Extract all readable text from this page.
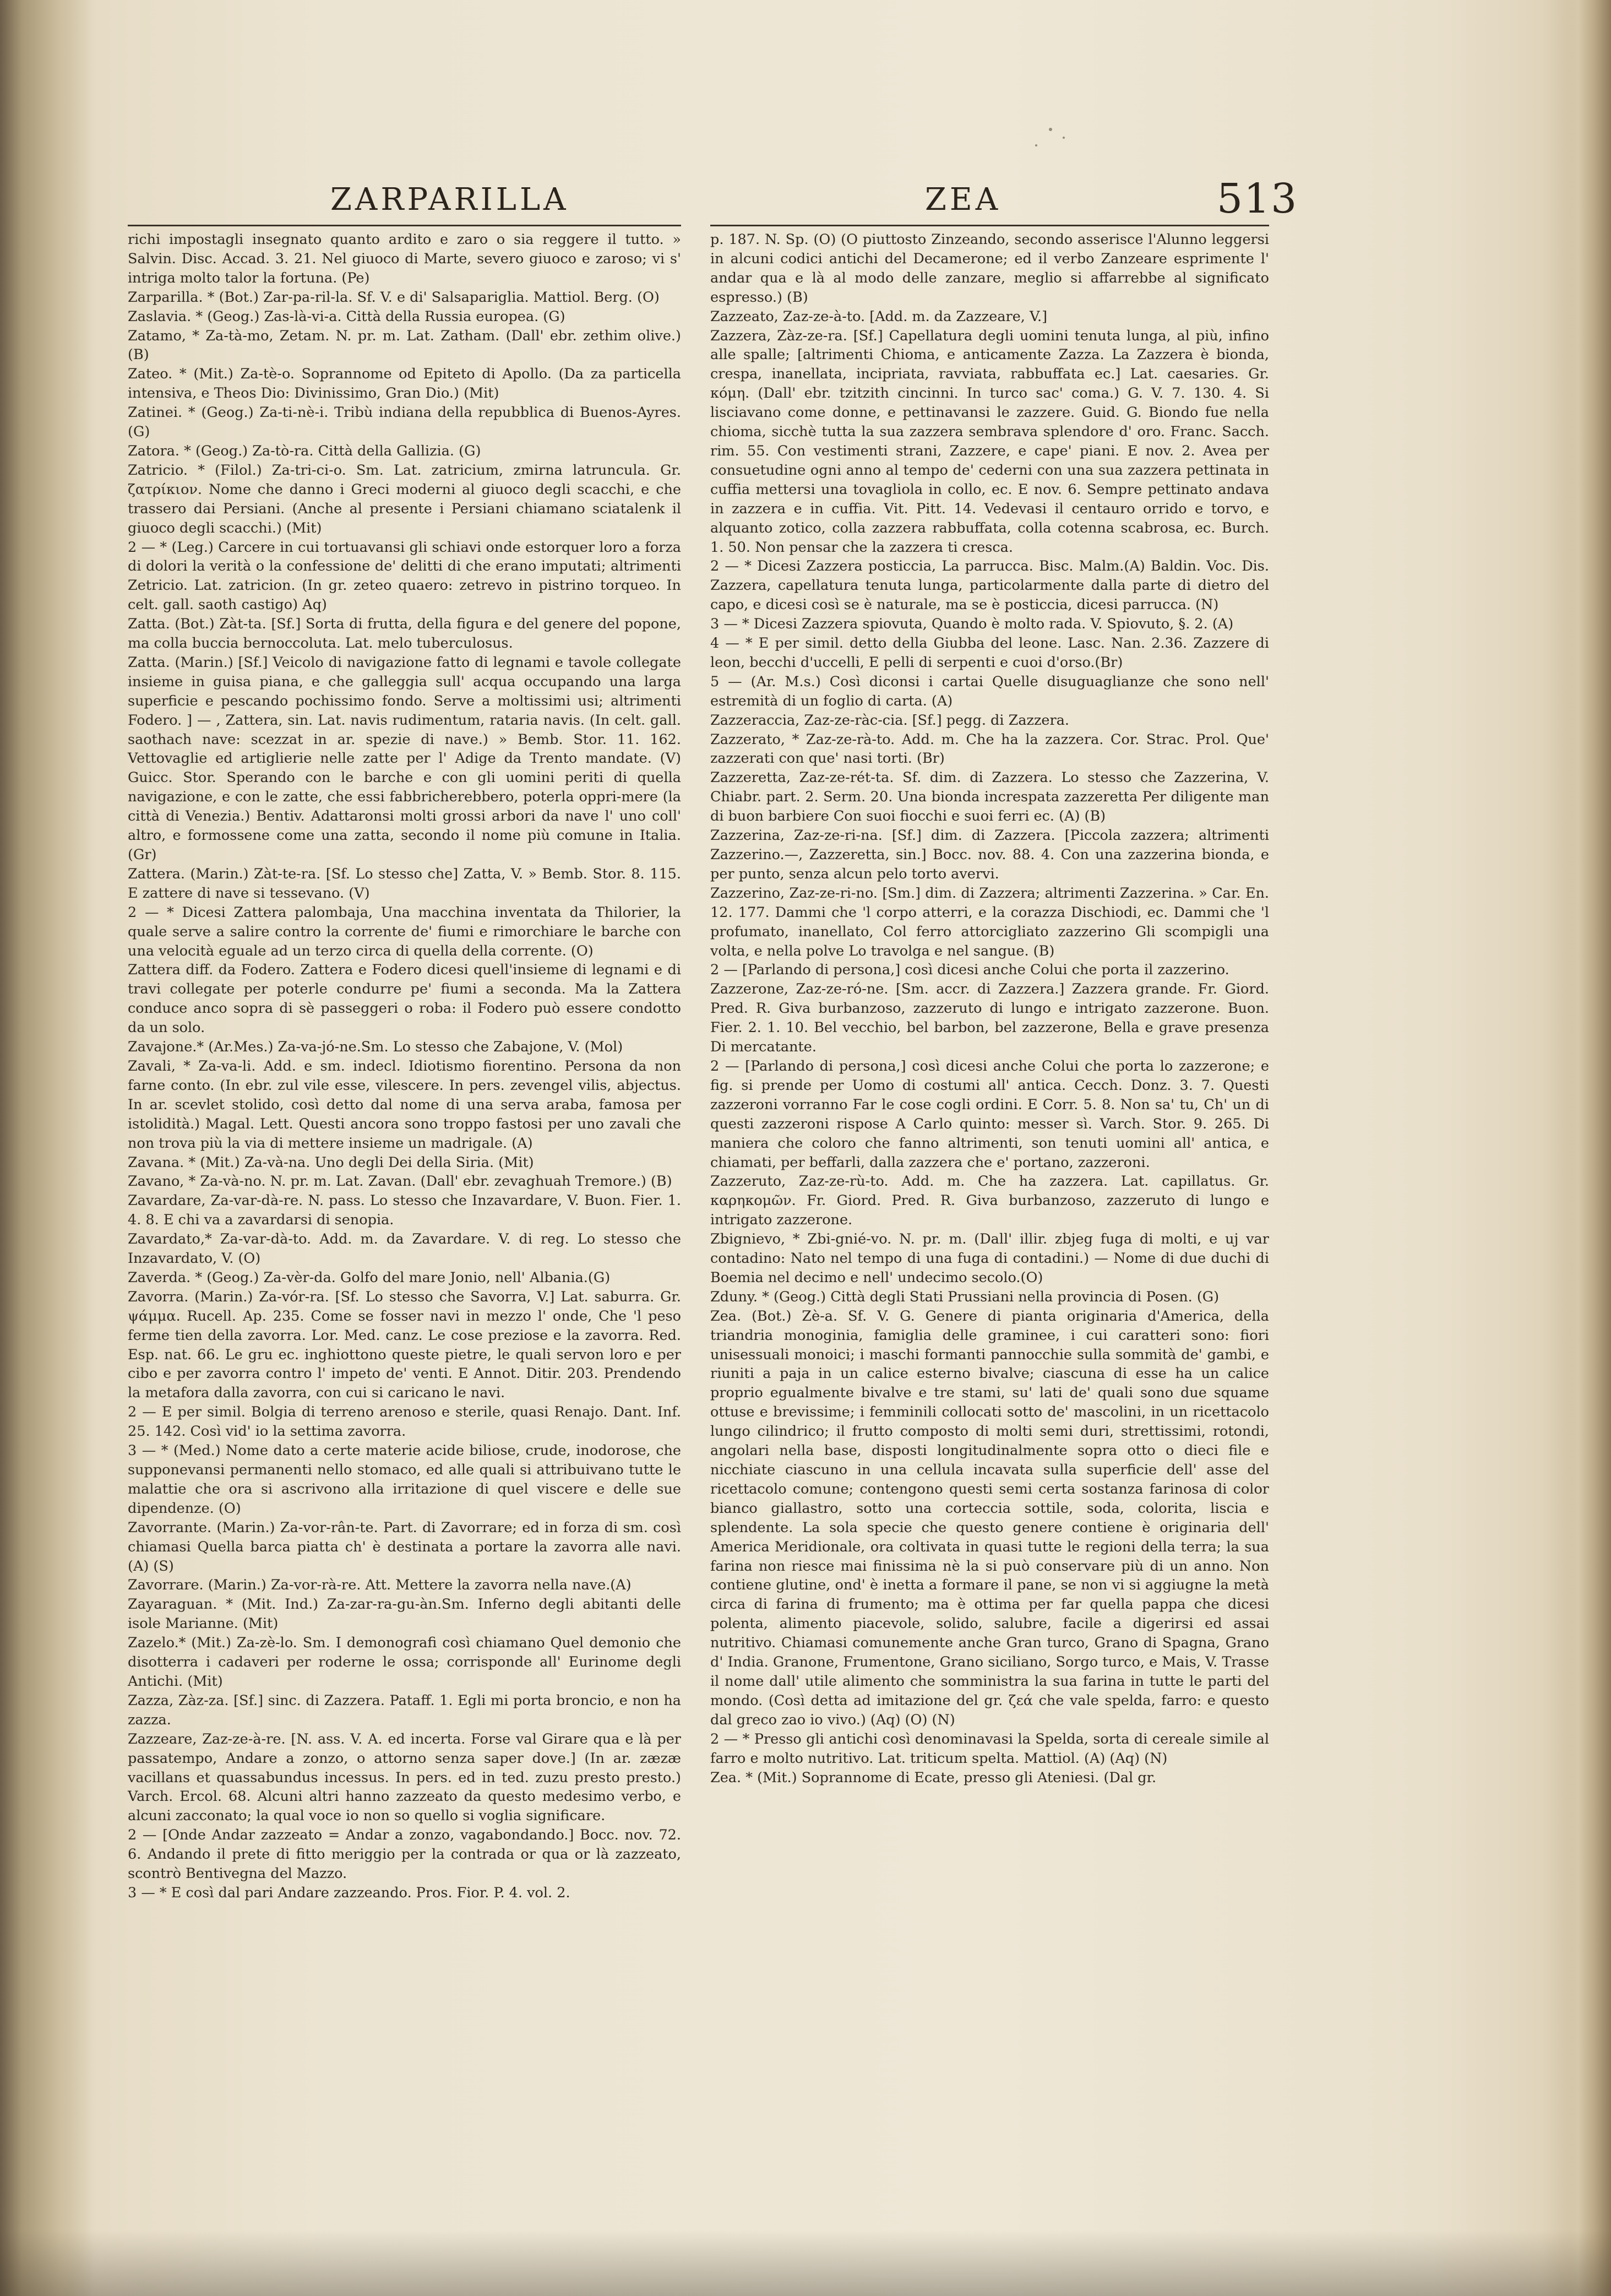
ZARPARILLA	ZEA	513

richi impostagli insegnato quanto ardito e zaro o sia reggere il tutto. » Salvin. Disc. Accad. 3. 21. Nel giuoco di Marte, severo giuoco e zaroso; vi s' intriga molto talor la fortuna. (Pe)

Zarparilla. * (Bot.) Zar-pa-ril-la. Sf. V. e di' Salsapariglia. Mattiol. Berg. (O)

Zaslavia. * (Geog.) Zas-là-vi-a. Città della Russia europea. (G)

Zatamo, * Za-tà-mo, Zetam. N. pr. m. Lat. Zatham. (Dall' ebr. zethim olive.) (B)

Zateo. * (Mit.) Za-tè-o. Soprannome od Epiteto di Apollo. (Da za particella intensiva, e Theos Dio: Divinissimo, Gran Dio.) (Mit)

Zatinei. * (Geog.) Za-ti-nè-i. Tribù indiana della repubblica di Buenos-Ayres. (G)

Zatora. * (Geog.) Za-tò-ra. Città della Gallizia. (G)

Zatricio. * (Filol.) Za-tri-ci-o. Sm. Lat. zatricium, zmirna latruncula. Gr. ζατρίκιον. Nome che danno i Greci moderni al giuoco degli scacchi, e che trassero dai Persiani. (Anche al presente i Persiani chiamano sciatalenk il giuoco degli scacchi.) (Mit)

2 — * (Leg.) Carcere in cui tortuavansi gli schiavi onde estorquer loro a forza di dolori la verità o la confessione de' delitti di che erano imputati; altrimenti Zetricio. Lat. zatricion. (In gr. zeteo quaero: zetrevo in pistrino torqueo. In celt. gall. saoth castigo) Aq)

Zatta. (Bot.) Zàt-ta. [Sf.] Sorta di frutta, della figura e del genere del popone, ma colla buccia bernoccoluta. Lat. melo tuberculosus.

Zatta. (Marin.) [Sf.] Veicolo di navigazione fatto di legnami e tavole collegate insieme in guisa piana, e che galleggia sull' acqua occupando una larga superficie e pescando pochissimo fondo. Serve a moltissimi usi; altrimenti Fodero. ] — , Zattera, sin. Lat. navis rudimentum, rataria navis. (In celt. gall. saothach nave: scezzat in ar. spezie di nave.) » Bemb. Stor. 11. 162. Vettovaglie ed artiglierie nelle zatte per l' Adige da Trento mandate. (V) Guicc. Stor. Sperando con le barche e con gli uomini periti di quella navigazione, e con le zatte, che essi fabbricherebbero, poterla oppri-mere (la città di Venezia.) Bentiv. Adattaronsi molti grossi arbori da nave l' uno coll' altro, e formossene come una zatta, secondo il nome più comune in Italia. (Gr)

Zattera. (Marin.) Zàt-te-ra. [Sf. Lo stesso che] Zatta, V. » Bemb. Stor. 8. 115. E zattere di nave si tessevano. (V)

2 — * Dicesi Zattera palombaja, Una macchina inventata da Thilorier, la quale serve a salire contro la corrente de' fiumi e rimorchiare le barche con una velocità eguale ad un terzo circa di quella della corrente. (O)

Zattera diff. da Fodero. Zattera e Fodero dicesi quell'insieme di legnami e di travi collegate per poterle condurre pe' fiumi a seconda. Ma la Zattera conduce anco sopra di sè passeggeri o roba: il Fodero può essere condotto da un solo.

Zavajone.* (Ar.Mes.) Za-va-jó-ne.Sm. Lo stesso che Zabajone, V. (Mol)

Zavali, * Za-va-li. Add. e sm. indecl. Idiotismo fiorentino. Persona da non farne conto. (In ebr. zul vile esse, vilescere. In pers. zevengel vilis, abjectus. In ar. scevlet stolido, così detto dal nome di una serva araba, famosa per istolidità.) Magal. Lett. Questi ancora sono troppo fastosi per uno zavali che non trova più la via di mettere insieme un madrigale. (A)

Zavana. * (Mit.) Za-và-na. Uno degli Dei della Siria. (Mit)

Zavano, * Za-và-no. N. pr. m. Lat. Zavan. (Dall' ebr. zevaghuah Tremore.) (B)

Zavardare, Za-var-dà-re. N. pass. Lo stesso che Inzavardare, V. Buon. Fier. 1. 4. 8. E chi va a zavardarsi di senopia.

Zavardato,* Za-var-dà-to. Add. m. da Zavardare. V. di reg. Lo stesso che Inzavardato, V. (O)

Zaverda. * (Geog.) Za-vèr-da. Golfo del mare Jonio, nell' Albania.(G)

Zavorra. (Marin.) Za-vór-ra. [Sf. Lo stesso che Savorra, V.] Lat. saburra. Gr. ψάμμα. Rucell. Ap. 235. Come se fosser navi in mezzo l' onde, Che 'l peso ferme tien della zavorra. Lor. Med. canz. Le cose preziose e la zavorra. Red. Esp. nat. 66. Le gru ec. inghiottono queste pietre, le quali servon loro e per cibo e per zavorra contro l' impeto de' venti. E Annot. Ditir. 203. Prendendo la metafora dalla zavorra, con cui si caricano le navi.

2 — E per simil. Bolgia di terreno arenoso e sterile, quasi Renajo. Dant. Inf. 25. 142. Così vid' io la settima zavorra.

3 — * (Med.) Nome dato a certe materie acide biliose, crude, inodorose, che supponevansi permanenti nello stomaco, ed alle quali si attribuivano tutte le malattie che ora si ascrivono alla irritazione di quel viscere e delle sue dipendenze. (O)

Zavorrante. (Marin.) Za-vor-rân-te. Part. di Zavorrare; ed in forza di sm. così chiamasi Quella barca piatta ch' è destinata a portare la zavorra alle navi. (A) (S)

Zavorrare. (Marin.) Za-vor-rà-re. Att. Mettere la zavorra nella nave.(A)

Zayaraguan. * (Mit. Ind.) Za-zar-ra-gu-àn.Sm. Inferno degli abitanti delle isole Marianne. (Mit)

Zazelo.* (Mit.) Za-zè-lo. Sm. I demonografi così chiamano Quel demonio che disotterra i cadaveri per roderne le ossa; corrisponde all' Eurinome degli Antichi. (Mit)

Zazza, Zàz-za. [Sf.] sinc. di Zazzera. Pataff. 1. Egli mi porta broncio, e non ha zazza.

Zazzeare, Zaz-ze-à-re. [N. ass. V. A. ed incerta. Forse val Girare qua e là per passatempo, Andare a zonzo, o attorno senza saper dove.] (In ar. zæzæ vacillans et quassabundus incessus. In pers. ed in ted. zuzu presto presto.) Varch. Ercol. 68. Alcuni altri hanno zazzeato da questo medesimo verbo, e alcuni zacconato; la qual voce io non so quello si voglia significare.

2 — [Onde Andar zazzeato = Andar a zonzo, vagabondando.] Bocc. nov. 72. 6. Andando il prete di fitto meriggio per la contrada or qua or là zazzeato, scontrò Bentivegna del Mazzo.

3 — * E così dal pari Andare zazzeando. Pros. Fior. P. 4. vol. 2.

p. 187. N. Sp. (O) (O piuttosto Zinzeando, secondo asserisce l'Alunno leggersi in alcuni codici antichi del Decamerone; ed il verbo Zanzeare esprimente l' andar qua e là al modo delle zanzare, meglio si affarrebbe al significato espresso.) (B)

Zazzeato, Zaz-ze-à-to. [Add. m. da Zazzeare, V.]

Zazzera, Zàz-ze-ra. [Sf.] Capellatura degli uomini tenuta lunga, al più, infino alle spalle; [altrimenti Chioma, e anticamente Zazza. La Zazzera è bionda, crespa, inanellata, incipriata, ravviata, rabbuffata ec.] Lat. caesaries. Gr. κόμη. (Dall' ebr. tzitzith cincinni. In turco sac' coma.) G. V. 7. 130. 4. Si lisciavano come donne, e pettinavansi le zazzere. Guid. G. Biondo fue nella chioma, sicchè tutta la sua zazzera sembrava splendore d' oro. Franc. Sacch. rim. 55. Con vestimenti strani, Zazzere, e cape' piani. E nov. 2. Avea per consuetudine ogni anno al tempo de' cederni con una sua zazzera pettinata in cuffia mettersi una tovagliola in collo, ec. E nov. 6. Sempre pettinato andava in zazzera e in cuffia. Vit. Pitt. 14. Vedevasi il centauro orrido e torvo, e alquanto zotico, colla zazzera rabbuffata, colla cotenna scabrosa, ec. Burch. 1. 50. Non pensar che la zazzera ti cresca.

2 — * Dicesi Zazzera posticcia, La parrucca. Bisc. Malm.(A) Baldin. Voc. Dis. Zazzera, capellatura tenuta lunga, particolarmente dalla parte di dietro del capo, e dicesi così se è naturale, ma se è posticcia, dicesi parrucca. (N)

3 — * Dicesi Zazzera spiovuta, Quando è molto rada. V. Spiovuto, §. 2. (A)

4 — * E per simil. detto della Giubba del leone. Lasc. Nan. 2.36. Zazzere di leon, becchi d'uccelli, E pelli di serpenti e cuoi d'orso.(Br)

5 — (Ar. M.s.) Così diconsi i cartai Quelle disuguaglianze che sono nell' estremità di un foglio di carta. (A)

Zazzeraccia, Zaz-ze-ràc-cia. [Sf.] pegg. di Zazzera.

Zazzerato, * Zaz-ze-rà-to. Add. m. Che ha la zazzera. Cor. Strac. Prol. Que' zazzerati con que' nasi torti. (Br)

Zazzeretta, Zaz-ze-rét-ta. Sf. dim. di Zazzera. Lo stesso che Zazzerina, V. Chiabr. part. 2. Serm. 20. Una bionda increspata zazzeretta Per diligente man di buon barbiere Con suoi fiocchi e suoi ferri ec. (A) (B)

Zazzerina, Zaz-ze-ri-na. [Sf.] dim. di Zazzera. [Piccola zazzera; altrimenti Zazzerino.—, Zazzeretta, sin.] Bocc. nov. 88. 4. Con una zazzerina bionda, e per punto, senza alcun pelo torto avervi.

Zazzerino, Zaz-ze-ri-no. [Sm.] dim. di Zazzera; altrimenti Zazzerina. » Car. En. 12. 177. Dammi che 'l corpo atterri, e la corazza Dischiodi, ec. Dammi che 'l profumato, inanellato, Col ferro attorcigliato zazzerino Gli scompigli una volta, e nella polve Lo travolga e nel sangue. (B)

2 — [Parlando di persona,] così dicesi anche Colui che porta il zazzerino.

Zazzerone, Zaz-ze-ró-ne. [Sm. accr. di Zazzera.] Zazzera grande. Fr. Giord. Pred. R. Giva burbanzoso, zazzeruto di lungo e intrigato zazzerone. Buon. Fier. 2. 1. 10. Bel vecchio, bel barbon, bel zazzerone, Bella e grave presenza Di mercatante.

2 — [Parlando di persona,] così dicesi anche Colui che porta lo zazzerone; e fig. si prende per Uomo di costumi all' antica. Cecch. Donz. 3. 7. Questi zazzeroni vorranno Far le cose cogli ordini. E Corr. 5. 8. Non sa' tu, Ch' un di questi zazzeroni rispose A Carlo quinto: messer sì. Varch. Stor. 9. 265. Di maniera che coloro che fanno altrimenti, son tenuti uomini all' antica, e chiamati, per beffarli, dalla zazzera che e' portano, zazzeroni.

Zazzeruto, Zaz-ze-rù-to. Add. m. Che ha zazzera. Lat. capillatus. Gr. καρηκομῶν. Fr. Giord. Pred. R. Giva burbanzoso, zazzeruto di lungo e intrigato zazzerone.

Zbignievo, * Zbi-gnié-vo. N. pr. m. (Dall' illir. zbjeg fuga di molti, e uj var contadino: Nato nel tempo di una fuga di contadini.) — Nome di due duchi di Boemia nel decimo e nell' undecimo secolo.(O)

Zduny. * (Geog.) Città degli Stati Prussiani nella provincia di Posen. (G)

Zea. (Bot.) Zè-a. Sf. V. G. Genere di pianta originaria d'America, della triandria monoginia, famiglia delle graminee, i cui caratteri sono: fiori unisessuali monoici; i maschi formanti pannocchie sulla sommità de' gambi, e riuniti a paja in un calice esterno bivalve; ciascuna di esse ha un calice proprio egualmente bivalve e tre stami, su' lati de' quali sono due squame ottuse e brevissime; i femminili collocati sotto de' mascolini, in un ricettacolo lungo cilindrico; il frutto composto di molti semi duri, strettissimi, rotondi, angolari nella base, disposti longitudinalmente sopra otto o dieci file e nicchiate ciascuno in una cellula incavata sulla superficie dell' asse del ricettacolo comune; contengono questi semi certa sostanza farinosa di color bianco giallastro, sotto una corteccia sottile, soda, colorita, liscia e splendente. La sola specie che questo genere contiene è originaria dell' America Meridionale, ora coltivata in quasi tutte le regioni della terra; la sua farina non riesce mai finissima nè la si può conservare più di un anno. Non contiene glutine, ond' è inetta a formare il pane, se non vi si aggiugne la metà circa di farina di frumento; ma è ottima per far quella pappa che dicesi polenta, alimento piacevole, solido, salubre, facile a digerirsi ed assai nutritivo. Chiamasi comunemente anche Gran turco, Grano di Spagna, Grano d' India. Granone, Frumentone, Grano siciliano, Sorgo turco, e Mais, V. Trasse il nome dall' utile alimento che somministra la sua farina in tutte le parti del mondo. (Così detta ad imitazione del gr. ζεά che vale spelda, farro: e questo dal greco zao io vivo.) (Aq) (O) (N)

2 — * Presso gli antichi così denominavasi la Spelda, sorta di cereale simile al farro e molto nutritivo. Lat. triticum spelta. Mattiol. (A) (Aq) (N)

Zea. * (Mit.) Soprannome di Ecate, presso gli Ateniesi. (Dal gr.
